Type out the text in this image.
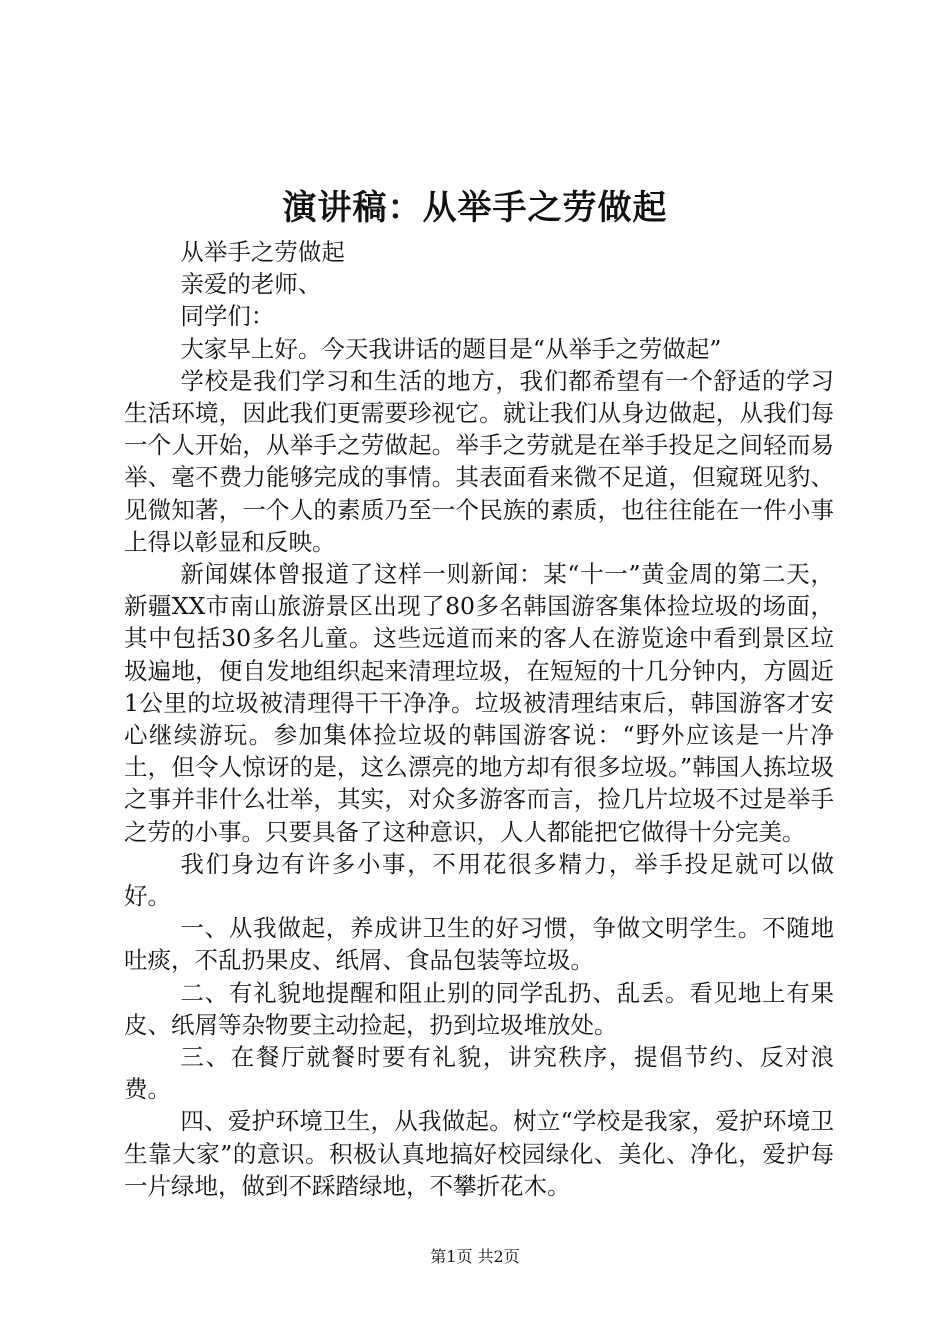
演讲稿：从举手之劳做起

从举手之劳做起

亲爱的老师、

同学们：

大家早上好。今天我讲话的题目是“从举手之劳做起”

学校是我们学习和生活的地方，我们都希望有一个舒适的学习生活环境，因此我们更需要珍视它。就让我们从身边做起，从我们每一个人开始，从举手之劳做起。举手之劳就是在举手投足之间轻而易举、毫不费力能够完成的事情。其表面看来微不足道，但窥斑见豹、见微知著，一个人的素质乃至一个民族的素质，也往往能在一件小事上得以彰显和反映。

新闻媒体曾报道了这样一则新闻：某“十一”黄金周的第二天，新疆XX市南山旅游景区出现了80多名韩国游客集体捡垃圾的场面，其中包括30多名儿童。这些远道而来的客人在游览途中看到景区垃圾遍地，便自发地组织起来清理垃圾，在短短的十几分钟内，方圆近1公里的垃圾被清理得干干净净。垃圾被清理结束后，韩国游客才安心继续游玩。参加集体捡垃圾的韩国游客说：“野外应该是一片净土，但令人惊讶的是，这么漂亮的地方却有很多垃圾。”韩国人拣垃圾之事并非什么壮举，其实，对众多游客而言，捡几片垃圾不过是举手之劳的小事。只要具备了这种意识，人人都能把它做得十分完美。

我们身边有许多小事，不用花很多精力，举手投足就可以做好。

一、从我做起，养成讲卫生的好习惯，争做文明学生。不随地吐痰，不乱扔果皮、纸屑、食品包装等垃圾。

二、有礼貌地提醒和阻止别的同学乱扔、乱丢。看见地上有果皮、纸屑等杂物要主动捡起，扔到垃圾堆放处。

三、在餐厅就餐时要有礼貌，讲究秩序，提倡节约、反对浪费。

四、爱护环境卫生，从我做起。树立“学校是我家，爱护环境卫生靠大家”的意识。积极认真地搞好校园绿化、美化、净化，爱护每一片绿地，做到不踩踏绿地，不攀折花木。

第1页 共2页
